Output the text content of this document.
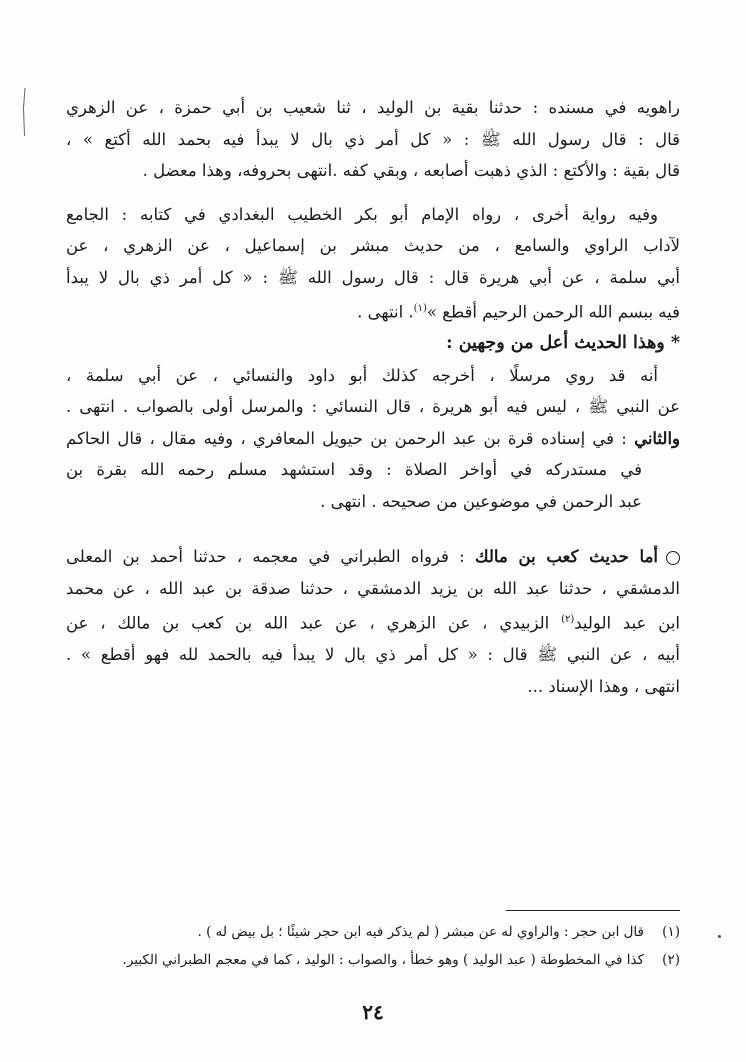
راهويه في مسنده : حدثنا بقية بن الوليد ، ثنا شعيب بن أبي حمزة ، عن الزهري
قال : قال رسول الله ﷺ : « كل أمر ذي بال لا يبدأ فيه بحمد الله أكتع » ،
قال بقية : والأكتع : الذي ذهبت أصابعه ، وبقي كفه .انتهى بحروفه، وهذا معضل .

وفيه رواية أخرى ، رواه الإمام أبو بكر الخطيب البغدادي في كتابه : الجامع
لآداب الراوي والسامع ، من حديث مبشر بن إسماعيل ، عن الزهري ، عن
أبي سلمة ، عن أبي هريرة قال : قال رسول الله ﷺ : « كل أمر ذي بال لا يبدأ
فيه ببسم الله الرحمن الرحيم أقطع »$^{(١)}$. انتهى .

* وهذا الحديث أعل من وجهين :

أنه قد روي مرسلًا ، أخرجه كذلك أبو داود والنسائي ، عن أبي سلمة ،
عن النبي ﷺ ، ليس فيه أبو هريرة ، قال النسائي : والمرسل أولى بالصواب . انتهى .
والثاني : في إسناده قرة بن عبد الرحمن بن حيويل المعافري ، وفيه مقال ، قال الحاكم
في مستدركه في أواخر الصلاة : وقد استشهد مسلم رحمه الله بقرة بن
عبد الرحمن في موضوعين من صحيحه . انتهى .

أما حديث كعب بن مالك : فرواه الطبراني في معجمه ، حدثنا أحمد بن المعلى
الدمشقي ، حدثنا عبد الله بن يزيد الدمشقي ، حدثنا صدقة بن عبد الله ، عن محمد
ابن عبد الوليد$^{(٢)}$ الزبيدي ، عن الزهري ، عن عبد الله بن كعب بن مالك ، عن
أبيه ، عن النبي ﷺ قال : « كل أمر ذي بال لا يبدأ فيه بالحمد لله فهو أقطع » .
انتهى ، وهذا الإسناد ...

(١)قال ابن حجر : والراوي له عن مبشر ( لم يذكر فيه ابن حجر شيئًا ؛ بل بيض له ) .
(٢)كذا في المخطوطة ( عبد الوليد ) وهو خطأ ، والصواب : الوليد ، كما في معجم الطبراني الكبير.
٢٤
